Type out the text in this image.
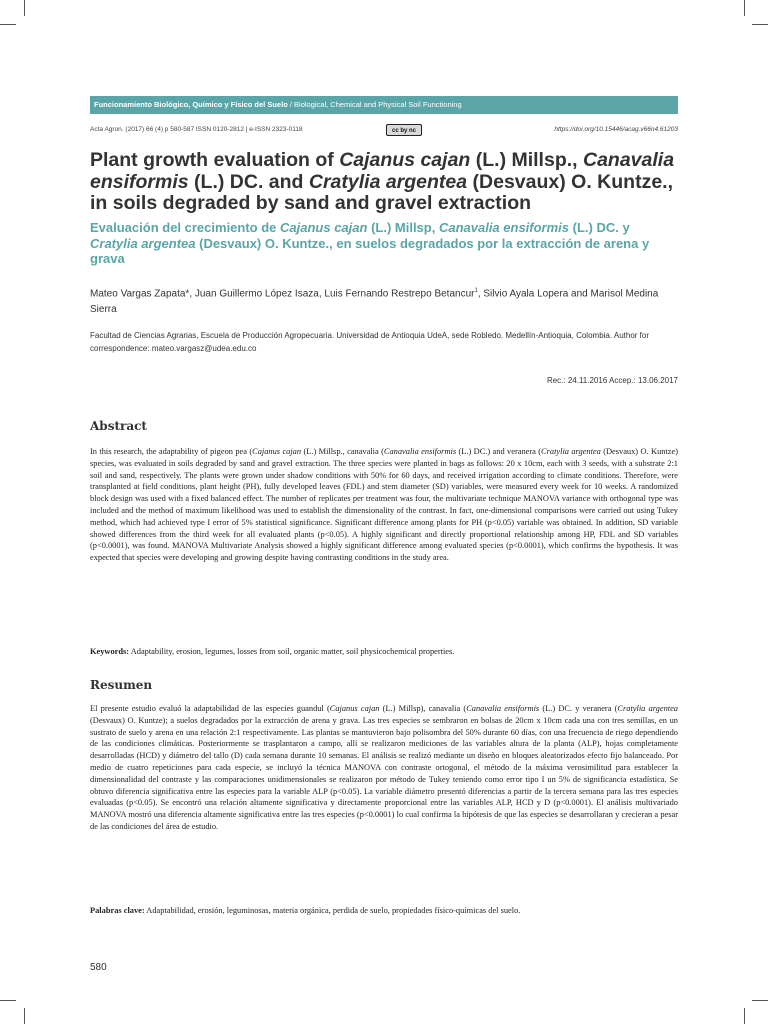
Funcionamiento Biológico, Químico y Físico del Suelo / Biological, Chemical and Physical Soil Functioning
Acta Agron. (2017) 66 (4) p 580-587 ISSN 0120-2812 | e-ISSN 2323-0118	cc by nc	https://doi.org/10.15446/acag.v66n4.61203
Plant growth evaluation of Cajanus cajan (L.) Millsp., Canavalia ensiformis (L.) DC. and Cratylia argentea (Desvaux) O. Kuntze., in soils degraded by sand and gravel extraction
Evaluación del crecimiento de Cajanus cajan (L.) Millsp, Canavalia ensiformis (L.) DC. y Cratylia argentea (Desvaux) O. Kuntze., en suelos degradados por la extracción de arena y grava
Mateo Vargas Zapata*, Juan Guillermo López Isaza, Luis Fernando Restrepo Betancur$^1$, Silvio Ayala Lopera and Marisol Medina Sierra
Facultad de Ciencias Agrarias, Escuela de Producción Agropecuaria. Universidad de Antioquia UdeA, sede Robledo. Medellín-Antioquia, Colombia. Author for correspondence: mateo.vargasz@udea.edu.co
Rec.: 24.11.2016 Accep.: 13.06.2017
Abstract

In this research, the adaptability of pigeon pea (Cajanus cajan (L.) Millsp., canavalia (Canavalia ensiformis (L.) DC.) and veranera (Cratylia argentea (Desvaux) O. Kuntze) species, was evaluated in soils degraded by sand and gravel extraction. The three species were planted in bags as follows: 20 x 10cm, each with 3 seeds, with a substrate 2:1 soil and sand, respectively. The plants were grown under shadow conditions with 50% for 60 days, and received irrigation according to climate conditions. Therefore, were transplanted at field conditions, plant height (PH), fully developed leaves (FDL) and stem diameter (SD) variables, were measured every week for 10 weeks. A randomized block design was used with a fixed balanced effect. The number of replicates per treatment was four, the multivariate technique MANOVA variance with orthogonal type was included and the method of maximum likelihood was used to establish the dimensionality of the contrast. In fact, one-dimensional comparisons were carried out using Tukey method, which had achieved type I error of 5% statistical significance. Significant difference among plants for PH (p<0.05) variable was obtained. In addition, SD variable showed differences from the third week for all evaluated plants (p<0.05). A highly significant and directly proportional relationship among HP, FDL and SD variables (p<0.0001), was found. MANOVA Multivariate Analysis showed a highly significant difference among evaluated species (p<0.0001), which confirms the hypothesis. It was expected that species were developing and growing despite having contrasting conditions in the study area.

Keywords: Adaptability, erosion, legumes, losses from soil, organic matter, soil physicochemical properties.

Resumen

El presente estudio evaluó la adaptabilidad de las especies guandul (Cajanus cajan (L.) Millsp), canavalia (Canavalia ensiformis (L.) DC. y veranera (Cratylia argentea (Desvaux) O. Kuntze); a suelos degradados por la extracción de arena y grava. Las tres especies se sembraron en bolsas de 20cm x 10cm cada una con tres semillas, en un sustrato de suelo y arena en una relación 2:1 respectivamente. Las plantas se mantuvieron bajo polisombra del 50% durante 60 días, con una frecuencia de riego dependiendo de las condiciones climáticas. Posteriormente se trasplantaron a campo, allí se realizaron mediciones de las variables altura de la planta (ALP), hojas completamente desarrolladas (HCD) y diámetro del tallo (D) cada semana durante 10 semanas. El análisis se realizó mediante un diseño en bloques aleatorizados efecto fijo balanceado. Por medio de cuatro repeticiones para cada especie, se incluyó la técnica MANOVA con contraste ortogonal, el método de la máxima verosimilitud para establecer la dimensionalidad del contraste y las comparaciones unidimensionales se realizaron por método de Tukey teniendo como error tipo I un 5% de significancia estadística. Se obtuvo diferencia significativa entre las especies para la variable ALP (p<0.05). La variable diámetro presentó diferencias a partir de la tercera semana para las tres especies evaluadas (p<0.05). Se encontró una relación altamente significativa y directamente proporcional entre las variables ALP, HCD y D (p<0.0001). El análisis multivariado MANOVA mostró una diferencia altamente significativa entre las tres especies (p<0.0001) lo cual confirma la hipótesis de que las especies se desarrollaran y crecieran a pesar de las condiciones del área de estudio.

Palabras clave: Adaptabilidad, erosión, leguminosas, materia orgánica, perdida de suelo, propiedades físico-químicas del suelo.

580
